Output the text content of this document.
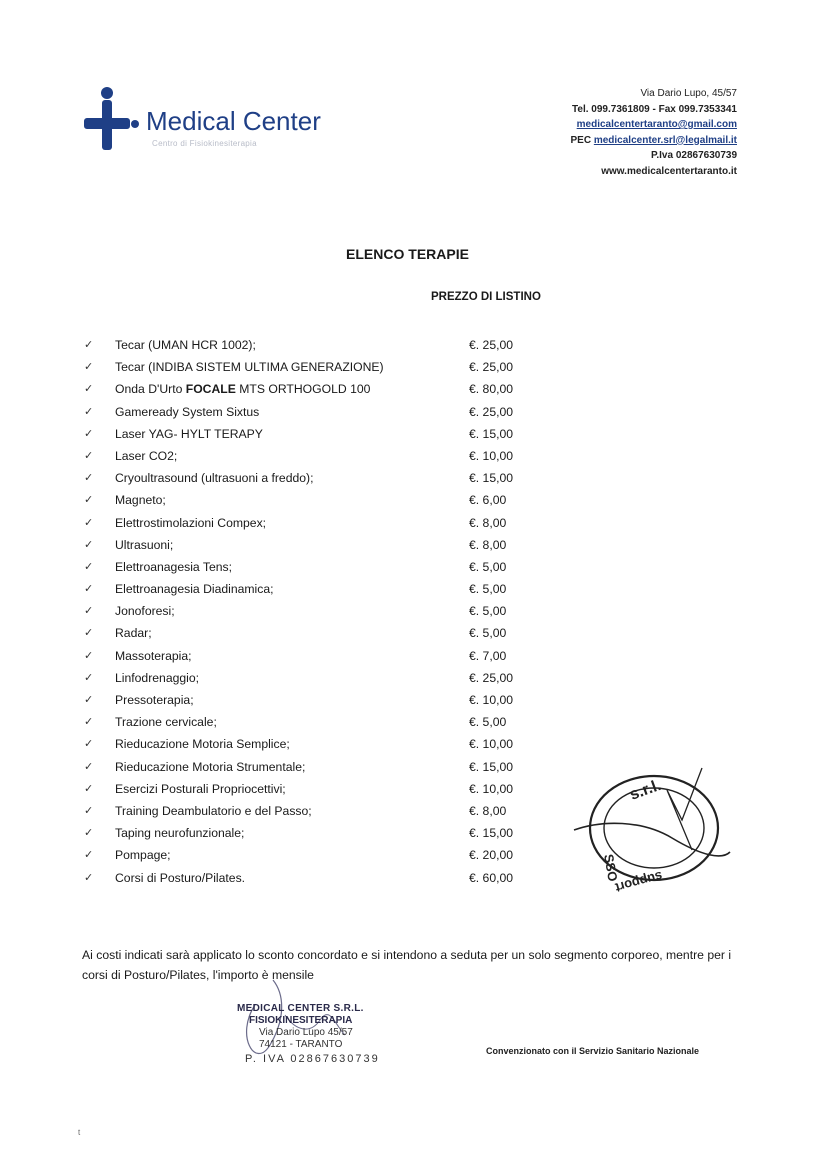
Medical Center
Centro di Fisiokinesiterapia
Via Dario Lupo, 45/57
Tel. 099.7361809 - Fax 099.7353341
medicalcentertaranto@gmail.com
PEC medicalcenter.srl@legalmail.it
P.Iva 02867630739
www.medicalcentertaranto.it
ELENCO TERAPIE
PREZZO DI LISTINO
✓ Tecar (UMAN HCR 1002);	€. 25,00
✓ Tecar (INDIBA SISTEM ULTIMA GENERAZIONE)	€. 25,00
✓ Onda D'Urto FOCALE MTS ORTHOGOLD 100	€. 80,00
✓ Gameready System Sixtus	€. 25,00
✓ Laser YAG- HYLT TERAPY	€. 15,00
✓ Laser CO2;	€. 10,00
✓ Cryoultrasound (ultrasuoni a freddo);	€. 15,00
✓ Magneto;	€. 6,00
✓ Elettrostimolazioni Compex;	€. 8,00
✓ Ultrasuoni;	€. 8,00
✓ Elettroanagesia Tens;	€. 5,00
✓ Elettroanagesia Diadinamica;	€. 5,00
✓ Jonoforesi;	€. 5,00
✓ Radar;	€. 5,00
✓ Massoterapia;	€. 7,00
✓ Linfodrenaggio;	€. 25,00
✓ Pressoterapia;	€. 10,00
✓ Trazione cervicale;	€. 5,00
✓ Rieducazione Motoria Semplice;	€. 10,00
✓ Rieducazione Motoria Strumentale;	€. 15,00
✓ Esercizi Posturali Propriocettivi;	€. 10,00
✓ Training Deambulatorio e del Passo;	€. 8,00
✓ Taping neurofunzionale;	€. 15,00
✓ Pompage;	€. 20,00
✓ Corsi di Posturo/Pilates.	€. 60,00
Ai costi indicati sarà applicato lo sconto concordato e si intendono a seduta per un solo segmento corporeo, mentre per i corsi di Posturo/Pilates, l'importo è mensile
s.r.l.
SSO
support
MEDICAL CENTER S.R.L.
FISIOKINESITERAPIA
Via Dario Lupo 45/57
74121 - TARANTO
P. IVA 02867630739
Convenzionato con il Servizio Sanitario Nazionale
t
